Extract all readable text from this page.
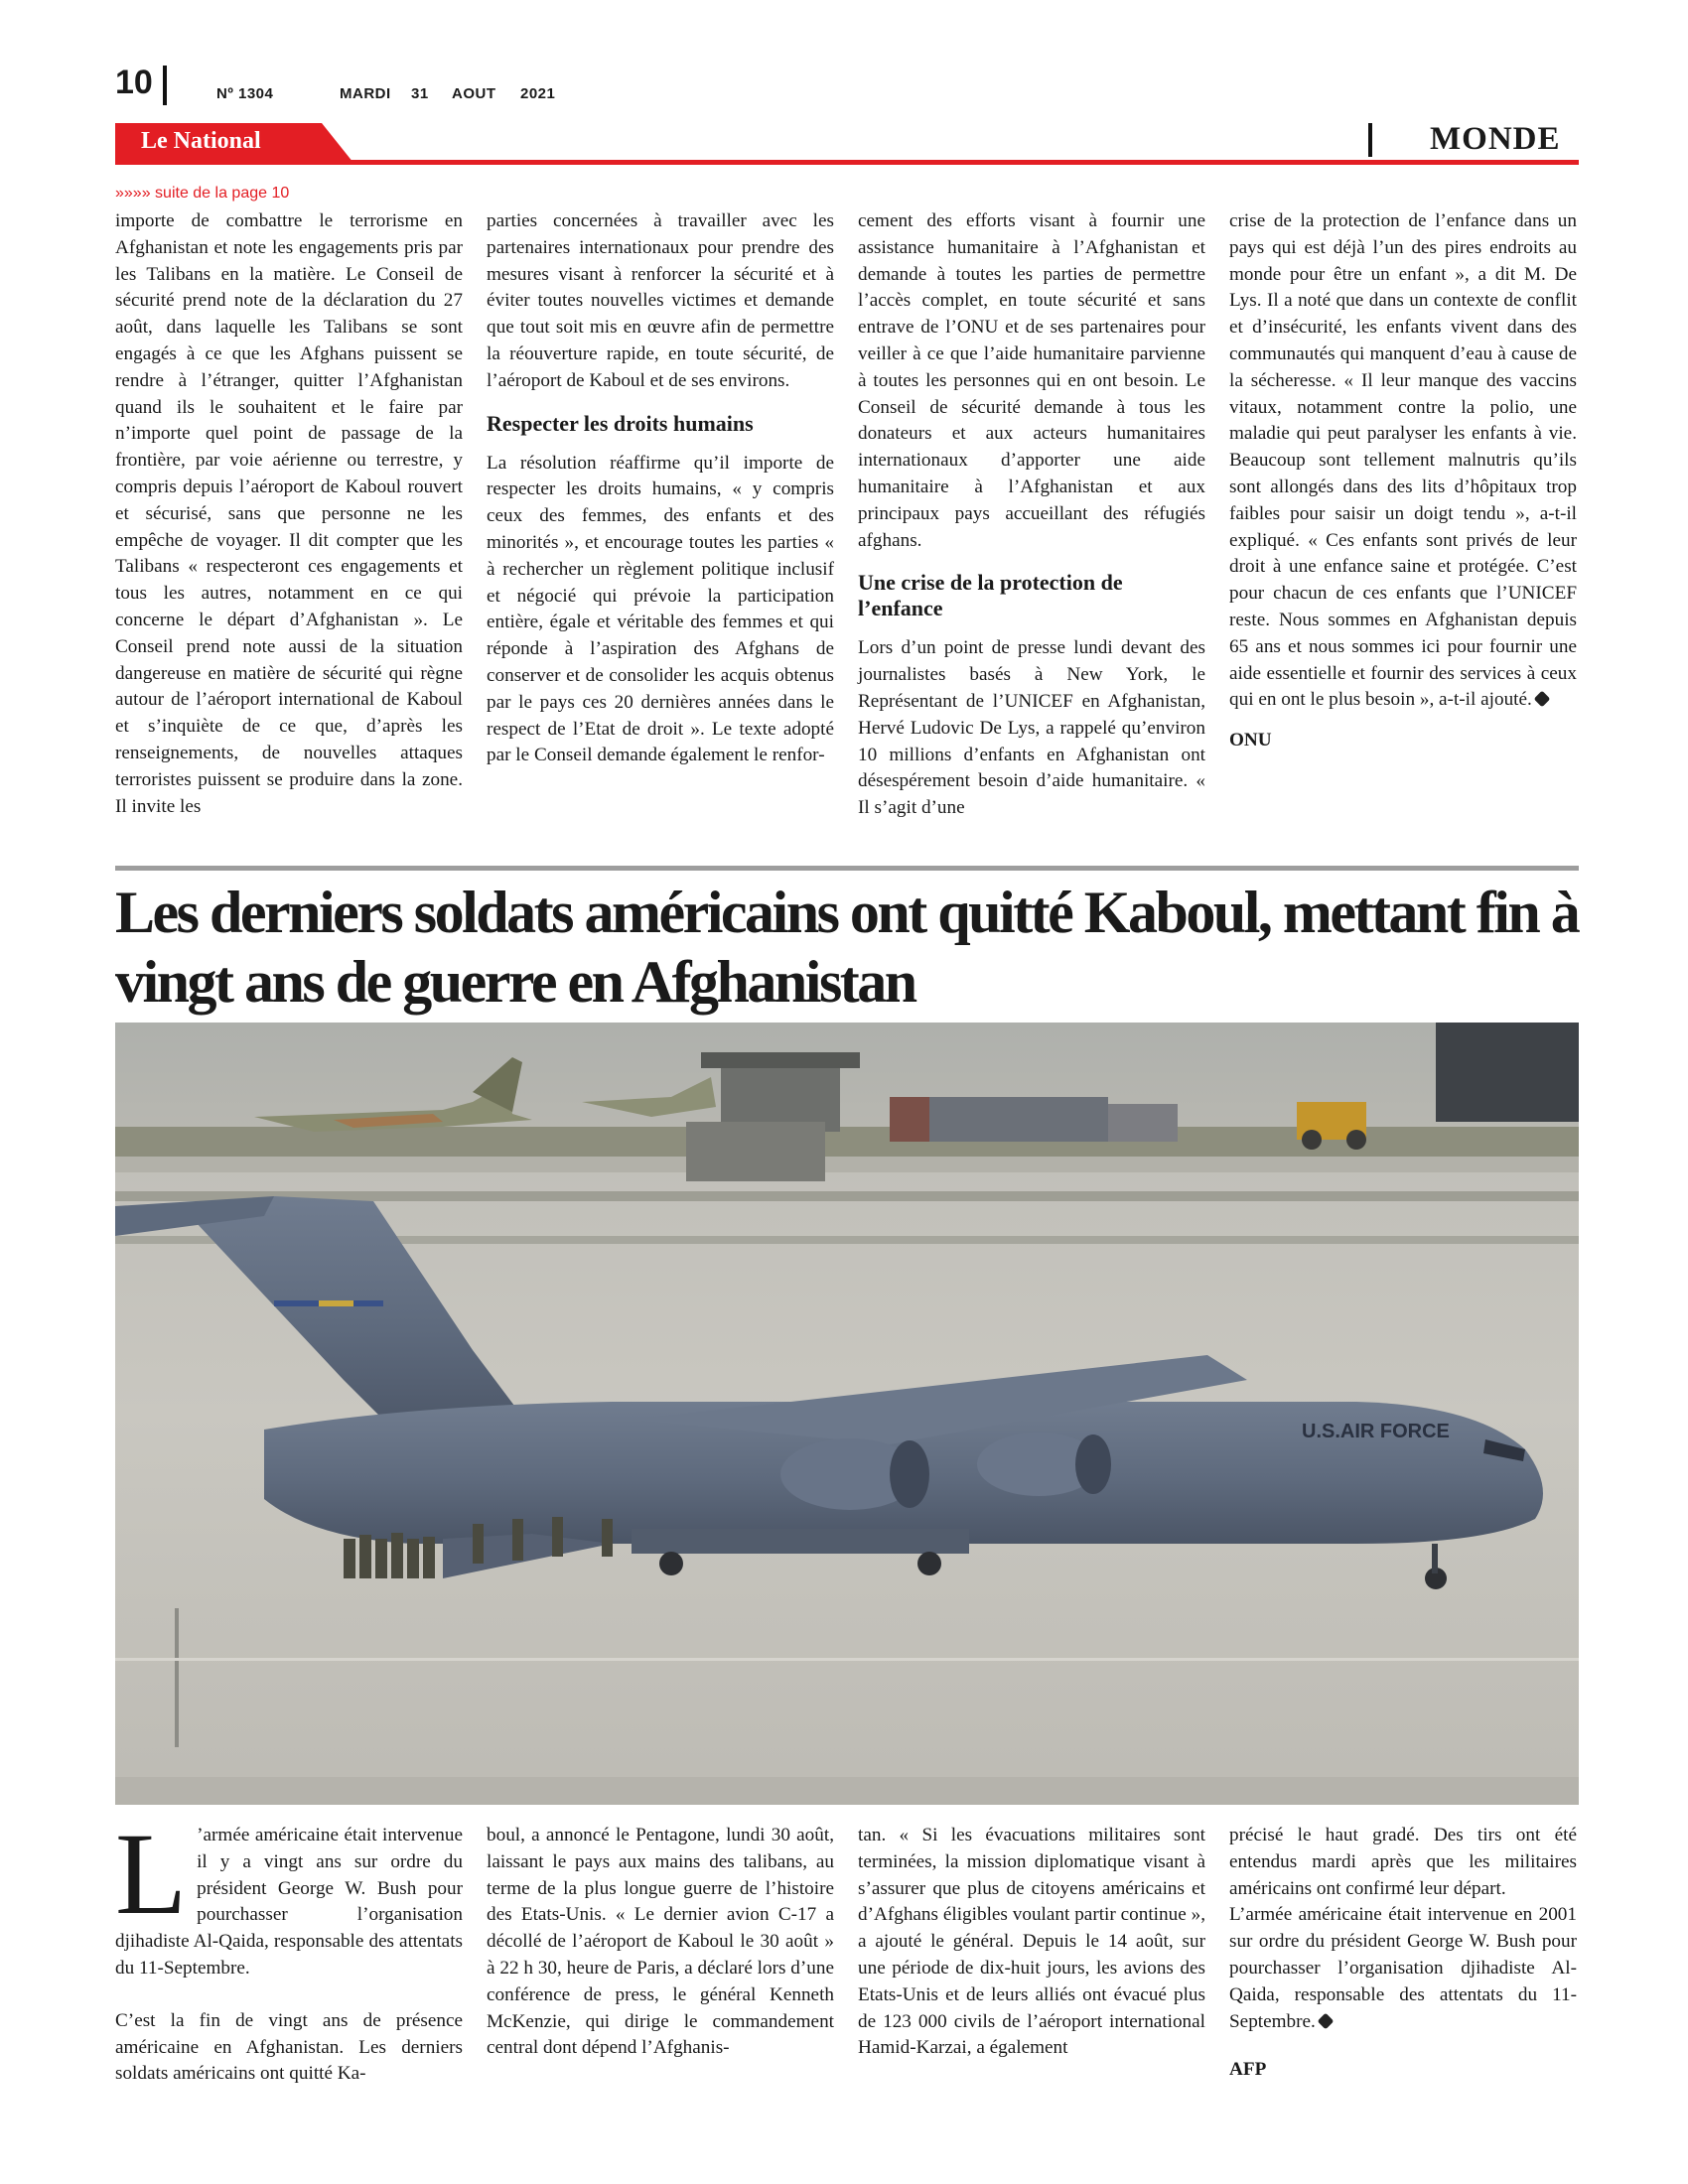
10	Nº 1304	MARDI 31 AOUT 2021
Le National	MONDE
»»»» suite de la page 10

importe de combattre le terrorisme en Afghanistan et note les engagements pris par les Talibans en la matière. Le Conseil de sécurité prend note de la déclaration du 27 août, dans laquelle les Talibans se sont engagés à ce que les Afghans puissent se rendre à l’étranger, quitter l’Afghanistan quand ils le souhaitent et le faire par n’importe quel point de passage de la frontière, par voie aérienne ou terrestre, y compris depuis l’aéroport de Kaboul rouvert et sécurisé, sans que personne ne les empêche de voyager. Il dit compter que les Talibans « respecteront ces engagements et tous les autres, notamment en ce qui concerne le départ d’Afghanistan ». Le Conseil prend note aussi de la situation dangereuse en matière de sécurité qui règne autour de l’aéroport international de Kaboul et s’inquiète de ce que, d’après les renseignements, de nouvelles attaques terroristes puissent se produire dans la zone. Il invite les

parties concernées à travailler avec les partenaires internationaux pour prendre des mesures visant à renforcer la sécurité et à éviter toutes nouvelles victimes et demande que tout soit mis en œuvre afin de permettre la réouverture rapide, en toute sécurité, de l’aéroport de Kaboul et de ses environs.

Respecter les droits humains

La résolution réaffirme qu’il importe de respecter les droits humains, « y compris ceux des femmes, des enfants et des minorités », et encourage toutes les parties « à rechercher un règlement politique inclusif et négocié qui prévoie la participation entière, égale et véritable des femmes et qui réponde à l’aspiration des Afghans de conserver et de consolider les acquis obtenus par le pays ces 20 dernières années dans le respect de l’Etat de droit ». Le texte adopté par le Conseil demande également le renfor-

cement des efforts visant à fournir une assistance humanitaire à l’Afghanistan et demande à toutes les parties de permettre l’accès complet, en toute sécurité et sans entrave de l’ONU et de ses partenaires pour veiller à ce que l’aide humanitaire parvienne à toutes les personnes qui en ont besoin. Le Conseil de sécurité demande à tous les donateurs et aux acteurs humanitaires internationaux d’apporter une aide humanitaire à l’Afghanistan et aux principaux pays accueillant des réfugiés afghans.

Une crise de la protection de l’enfance

Lors d’un point de presse lundi devant des journalistes basés à New York, le Représentant de l’UNICEF en Afghanistan, Hervé Ludovic De Lys, a rappelé qu’environ 10 millions d’enfants en Afghanistan ont désespérement besoin d’aide humanitaire. « Il s’agit d’une

crise de la protection de l’enfance dans un pays qui est déjà l’un des pires endroits au monde pour être un enfant », a dit M. De Lys. Il a noté que dans un contexte de conflit et d’insécurité, les enfants vivent dans des communautés qui manquent d’eau à cause de la sécheresse. « Il leur manque des vaccins vitaux, notamment contre la polio, une maladie qui peut paralyser les enfants à vie. Beaucoup sont tellement malnutris qu’ils sont allongés dans des lits d’hôpitaux trop faibles pour saisir un doigt tendu », a-t-il expliqué. « Ces enfants sont privés de leur droit à une enfance saine et protégée. C’est pour chacun de ces enfants que l’UNICEF reste. Nous sommes en Afghanistan depuis 65 ans et nous sommes ici pour fournir une aide essentielle et fournir des services à ceux qui en ont le plus besoin », a-t-il ajouté.

ONU

Les derniers soldats américains ont quitté Kaboul, mettant fin à vingt ans de guerre en Afghanistan
U.S.AIR FORCE

L ’armée américaine était intervenue il y a vingt ans sur ordre du président George W. Bush pour pourchasser l’organisation djihadiste Al-Qaida, responsable des attentats du 11-Septembre.

C’est la fin de vingt ans de présence américaine en Afghanistan. Les derniers soldats américains ont quitté Ka-

boul, a annoncé le Pentagone, lundi 30 août, laissant le pays aux mains des talibans, au terme de la plus longue guerre de l’histoire des Etats-Unis. « Le dernier avion C-17 a décollé de l’aéroport de Kaboul le 30 août » à 22 h 30, heure de Paris, a déclaré lors d’une conférence de press, le général Kenneth McKenzie, qui dirige le commandement central dont dépend l’Afghanis-

tan. « Si les évacuations militaires sont terminées, la mission diplomatique visant à s’assurer que plus de citoyens américains et d’Afghans éligibles voulant partir continue », a ajouté le général. Depuis le 14 août, sur une période de dix-huit jours, les avions des Etats-Unis et de leurs alliés ont évacué plus de 123 000 civils de l’aéroport international Hamid-Karzai, a également

précisé le haut gradé. Des tirs ont été entendus mardi après que les militaires américains ont confirmé leur départ.

L’armée américaine était intervenue en 2001 sur ordre du président George W. Bush pour pourchasser l’organisation djihadiste Al-Qaida, responsable des attentats du 11-Septembre.

AFP
